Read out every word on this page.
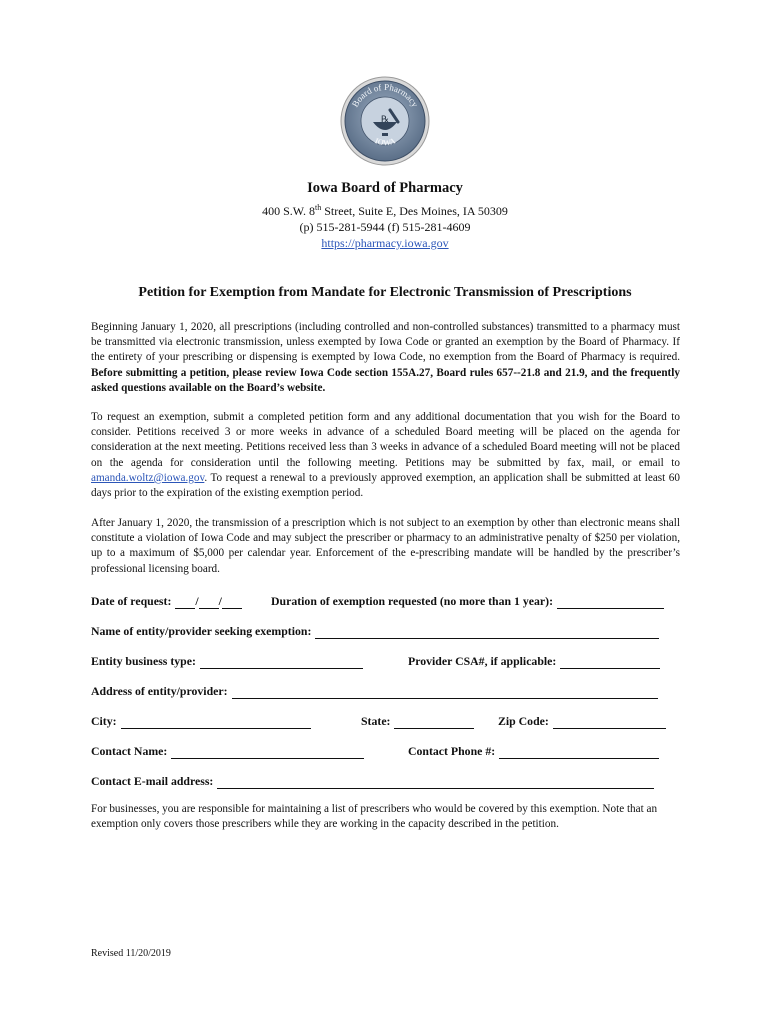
Board of Pharmacy
IOWA
℞
Iowa Board of Pharmacy
400 S.W. 8th Street, Suite E, Des Moines, IA 50309
(p) 515-281-5944 (f) 515-281-4609
https://pharmacy.iowa.gov
Petition for Exemption from Mandate for Electronic Transmission of Prescriptions

Beginning January 1, 2020, all prescriptions (including controlled and non-controlled substances) transmitted to a pharmacy must be transmitted via electronic transmission, unless exempted by Iowa Code or granted an exemption by the Board of Pharmacy. If the entirety of your prescribing or dispensing is exempted by Iowa Code, no exemption from the Board of Pharmacy is required. Before submitting a petition, please review Iowa Code section 155A.27, Board rules 657--21.8 and 21.9, and the frequently asked questions available on the Board’s website.

To request an exemption, submit a completed petition form and any additional documentation that you wish for the Board to consider. Petitions received 3 or more weeks in advance of a scheduled Board meeting will be placed on the agenda for consideration at the next meeting. Petitions received less than 3 weeks in advance of a scheduled Board meeting will not be placed on the agenda for consideration until the following meeting. Petitions may be submitted by fax, mail, or email to amanda.woltz@iowa.gov. To request a renewal to a previously approved exemption, an application shall be submitted at least 60 days prior to the expiration of the existing exemption period.

After January 1, 2020, the transmission of a prescription which is not subject to an exemption by other than electronic means shall constitute a violation of Iowa Code and may subject the prescriber or pharmacy to an administrative penalty of $250 per violation, up to a maximum of $5,000 per calendar year. Enforcement of the e-prescribing mandate will be handled by the prescriber’s professional licensing board.

Date of request: / /	Duration of exemption requested (no more than 1 year):
Name of entity/provider seeking exemption:
Entity business type:	Provider CSA#, if applicable:
Address of entity/provider:
City:	State:	Zip Code:
Contact Name:	Contact Phone #:
Contact E-mail address:

For businesses, you are responsible for maintaining a list of prescribers who would be covered by this exemption. Note that an exemption only covers those prescribers while they are working in the capacity described in the petition.

Revised 11/20/2019
